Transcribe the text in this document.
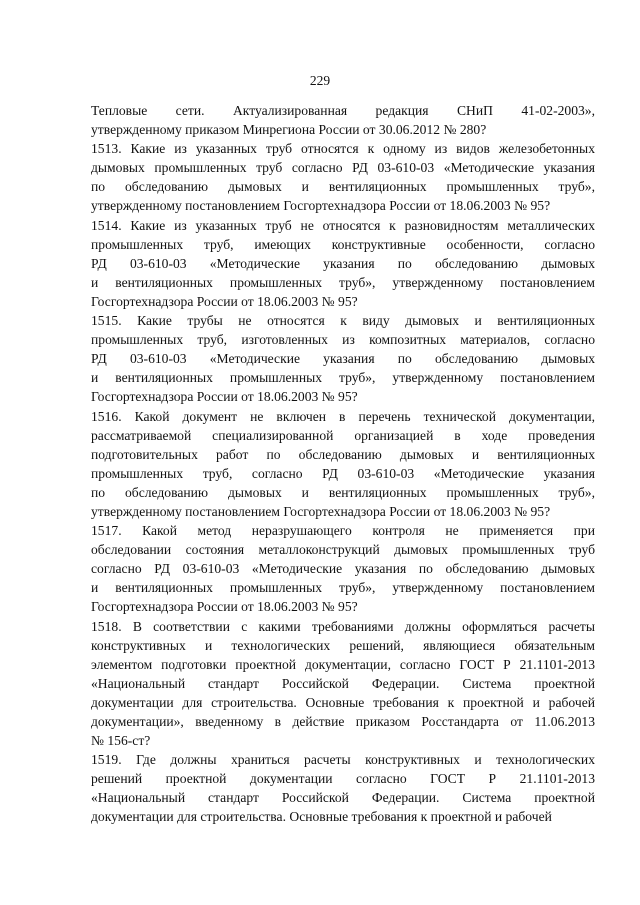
229
Тепловые сети. Актуализированная редакция СНиП 41-02-2003»,
утвержденному приказом Минрегиона России от 30.06.2012 № 280?
1513. Какие из указанных труб относятся к одному из видов железобетонных
дымовых промышленных труб согласно РД 03-610-03 «Методические указания
по обследованию дымовых и вентиляционных промышленных труб»,
утвержденному постановлением Госгортехнадзора России от 18.06.2003 № 95?
1514. Какие из указанных труб не относятся к разновидностям металлических
промышленных труб, имеющих конструктивные особенности, согласно
РД 03-610-03 «Методические указания по обследованию дымовых
и вентиляционных промышленных труб», утвержденному постановлением
Госгортехнадзора России от 18.06.2003 № 95?
1515. Какие трубы не относятся к виду дымовых и вентиляционных
промышленных труб, изготовленных из композитных материалов, согласно
РД 03-610-03 «Методические указания по обследованию дымовых
и вентиляционных промышленных труб», утвержденному постановлением
Госгортехнадзора России от 18.06.2003 № 95?
1516. Какой документ не включен в перечень технической документации,
рассматриваемой специализированной организацией в ходе проведения
подготовительных работ по обследованию дымовых и вентиляционных
промышленных труб, согласно РД 03-610-03 «Методические указания
по обследованию дымовых и вентиляционных промышленных труб»,
утвержденному постановлением Госгортехнадзора России от 18.06.2003 № 95?
1517. Какой метод неразрушающего контроля не применяется при
обследовании состояния металлоконструкций дымовых промышленных труб
согласно РД 03-610-03 «Методические указания по обследованию дымовых
и вентиляционных промышленных труб», утвержденному постановлением
Госгортехнадзора России от 18.06.2003 № 95?
1518. В соответствии с какими требованиями должны оформляться расчеты
конструктивных и технологических решений, являющиеся обязательным
элементом подготовки проектной документации, согласно ГОСТ Р 21.1101-2013
«Национальный стандарт Российской Федерации. Система проектной
документации для строительства. Основные требования к проектной и рабочей
документации», введенному в действие приказом Росстандарта от 11.06.2013
№ 156-ст?
1519. Где должны храниться расчеты конструктивных и технологических
решений проектной документации согласно ГОСТ Р 21.1101-2013
«Национальный стандарт Российской Федерации. Система проектной
документации для строительства. Основные требования к проектной и рабочей
